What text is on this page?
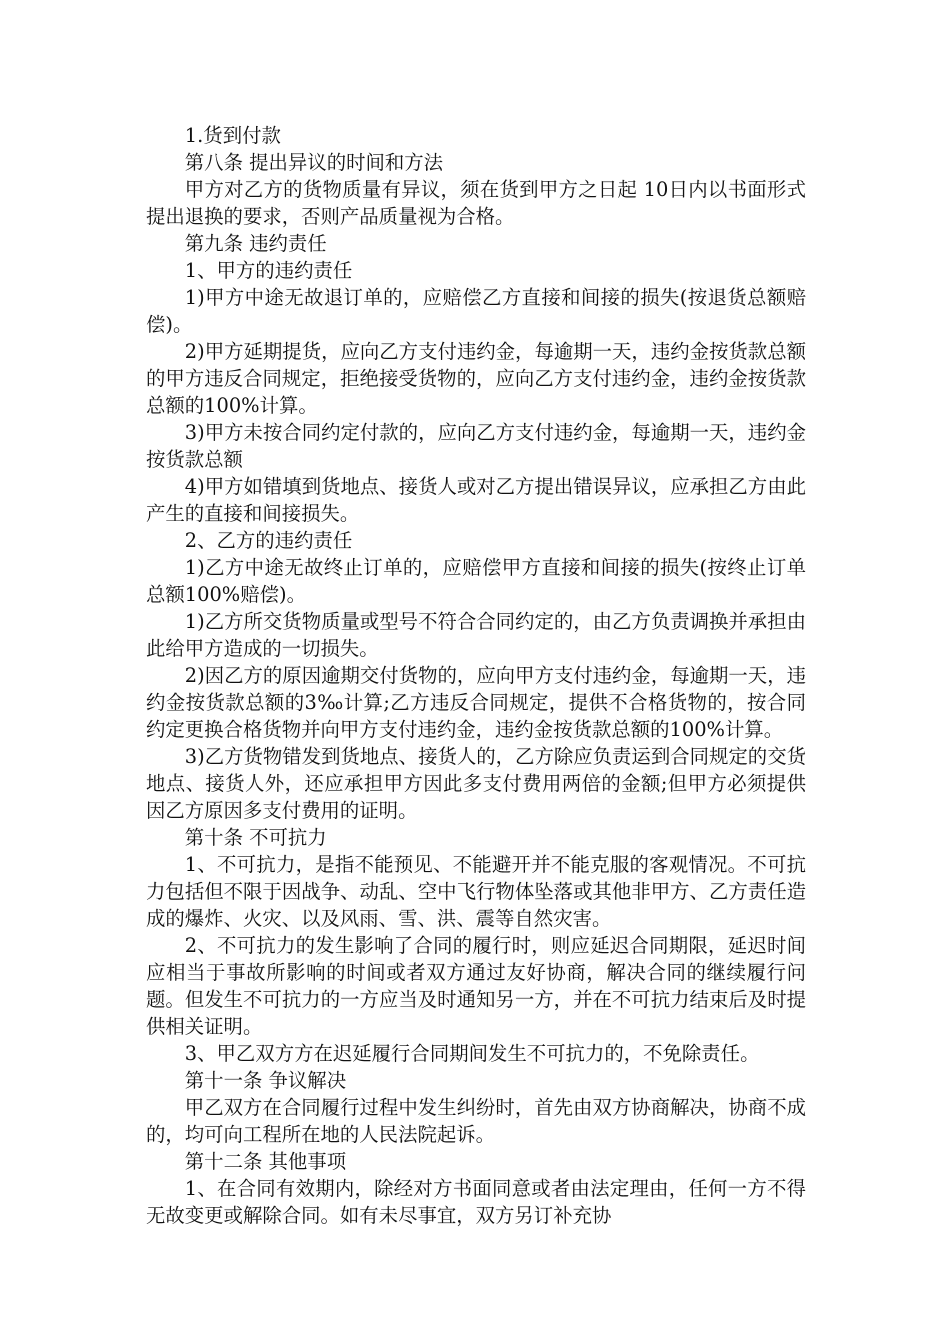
1.货到付款

第八条 提出异议的时间和方法

甲方对乙方的货物质量有异议，须在货到甲方之日起 10日内以书面形式提出退换的要求，否则产品质量视为合格。

第九条 违约责任

1、甲方的违约责任

1)甲方中途无故退订单的，应赔偿乙方直接和间接的损失(按退货总额赔偿)。

2)甲方延期提货，应向乙方支付违约金，每逾期一天，违约金按货款总额的甲方违反合同规定，拒绝接受货物的，应向乙方支付违约金，违约金按货款总额的100%计算。

3)甲方未按合同约定付款的，应向乙方支付违约金，每逾期一天，违约金按货款总额

4)甲方如错填到货地点、接货人或对乙方提出错误异议，应承担乙方由此产生的直接和间接损失。

2、乙方的违约责任

1)乙方中途无故终止订单的，应赔偿甲方直接和间接的损失(按终止订单总额100%赔偿)。

1)乙方所交货物质量或型号不符合合同约定的，由乙方负责调换并承担由此给甲方造成的一切损失。

2)因乙方的原因逾期交付货物的，应向甲方支付违约金，每逾期一天，违约金按货款总额的3‰计算;乙方违反合同规定，提供不合格货物的，按合同约定更换合格货物并向甲方支付违约金，违约金按货款总额的100%计算。

3)乙方货物错发到货地点、接货人的，乙方除应负责运到合同规定的交货地点、接货人外，还应承担甲方因此多支付费用两倍的金额;但甲方必须提供因乙方原因多支付费用的证明。

第十条 不可抗力

1、不可抗力，是指不能预见、不能避开并不能克服的客观情况。不可抗力包括但不限于因战争、动乱、空中飞行物体坠落或其他非甲方、乙方责任造成的爆炸、火灾、以及风雨、雪、洪、震等自然灾害。

2、不可抗力的发生影响了合同的履行时，则应延迟合同期限，延迟时间应相当于事故所影响的时间或者双方通过友好协商，解决合同的继续履行问题。但发生不可抗力的一方应当及时通知另一方，并在不可抗力结束后及时提供相关证明。

3、甲乙双方方在迟延履行合同期间发生不可抗力的，不免除责任。

第十一条 争议解决

甲乙双方在合同履行过程中发生纠纷时，首先由双方协商解决，协商不成的，均可向工程所在地的人民法院起诉。

第十二条 其他事项

1、在合同有效期内，除经对方书面同意或者由法定理由，任何一方不得无故变更或解除合同。如有未尽事宜，双方另订补充协
